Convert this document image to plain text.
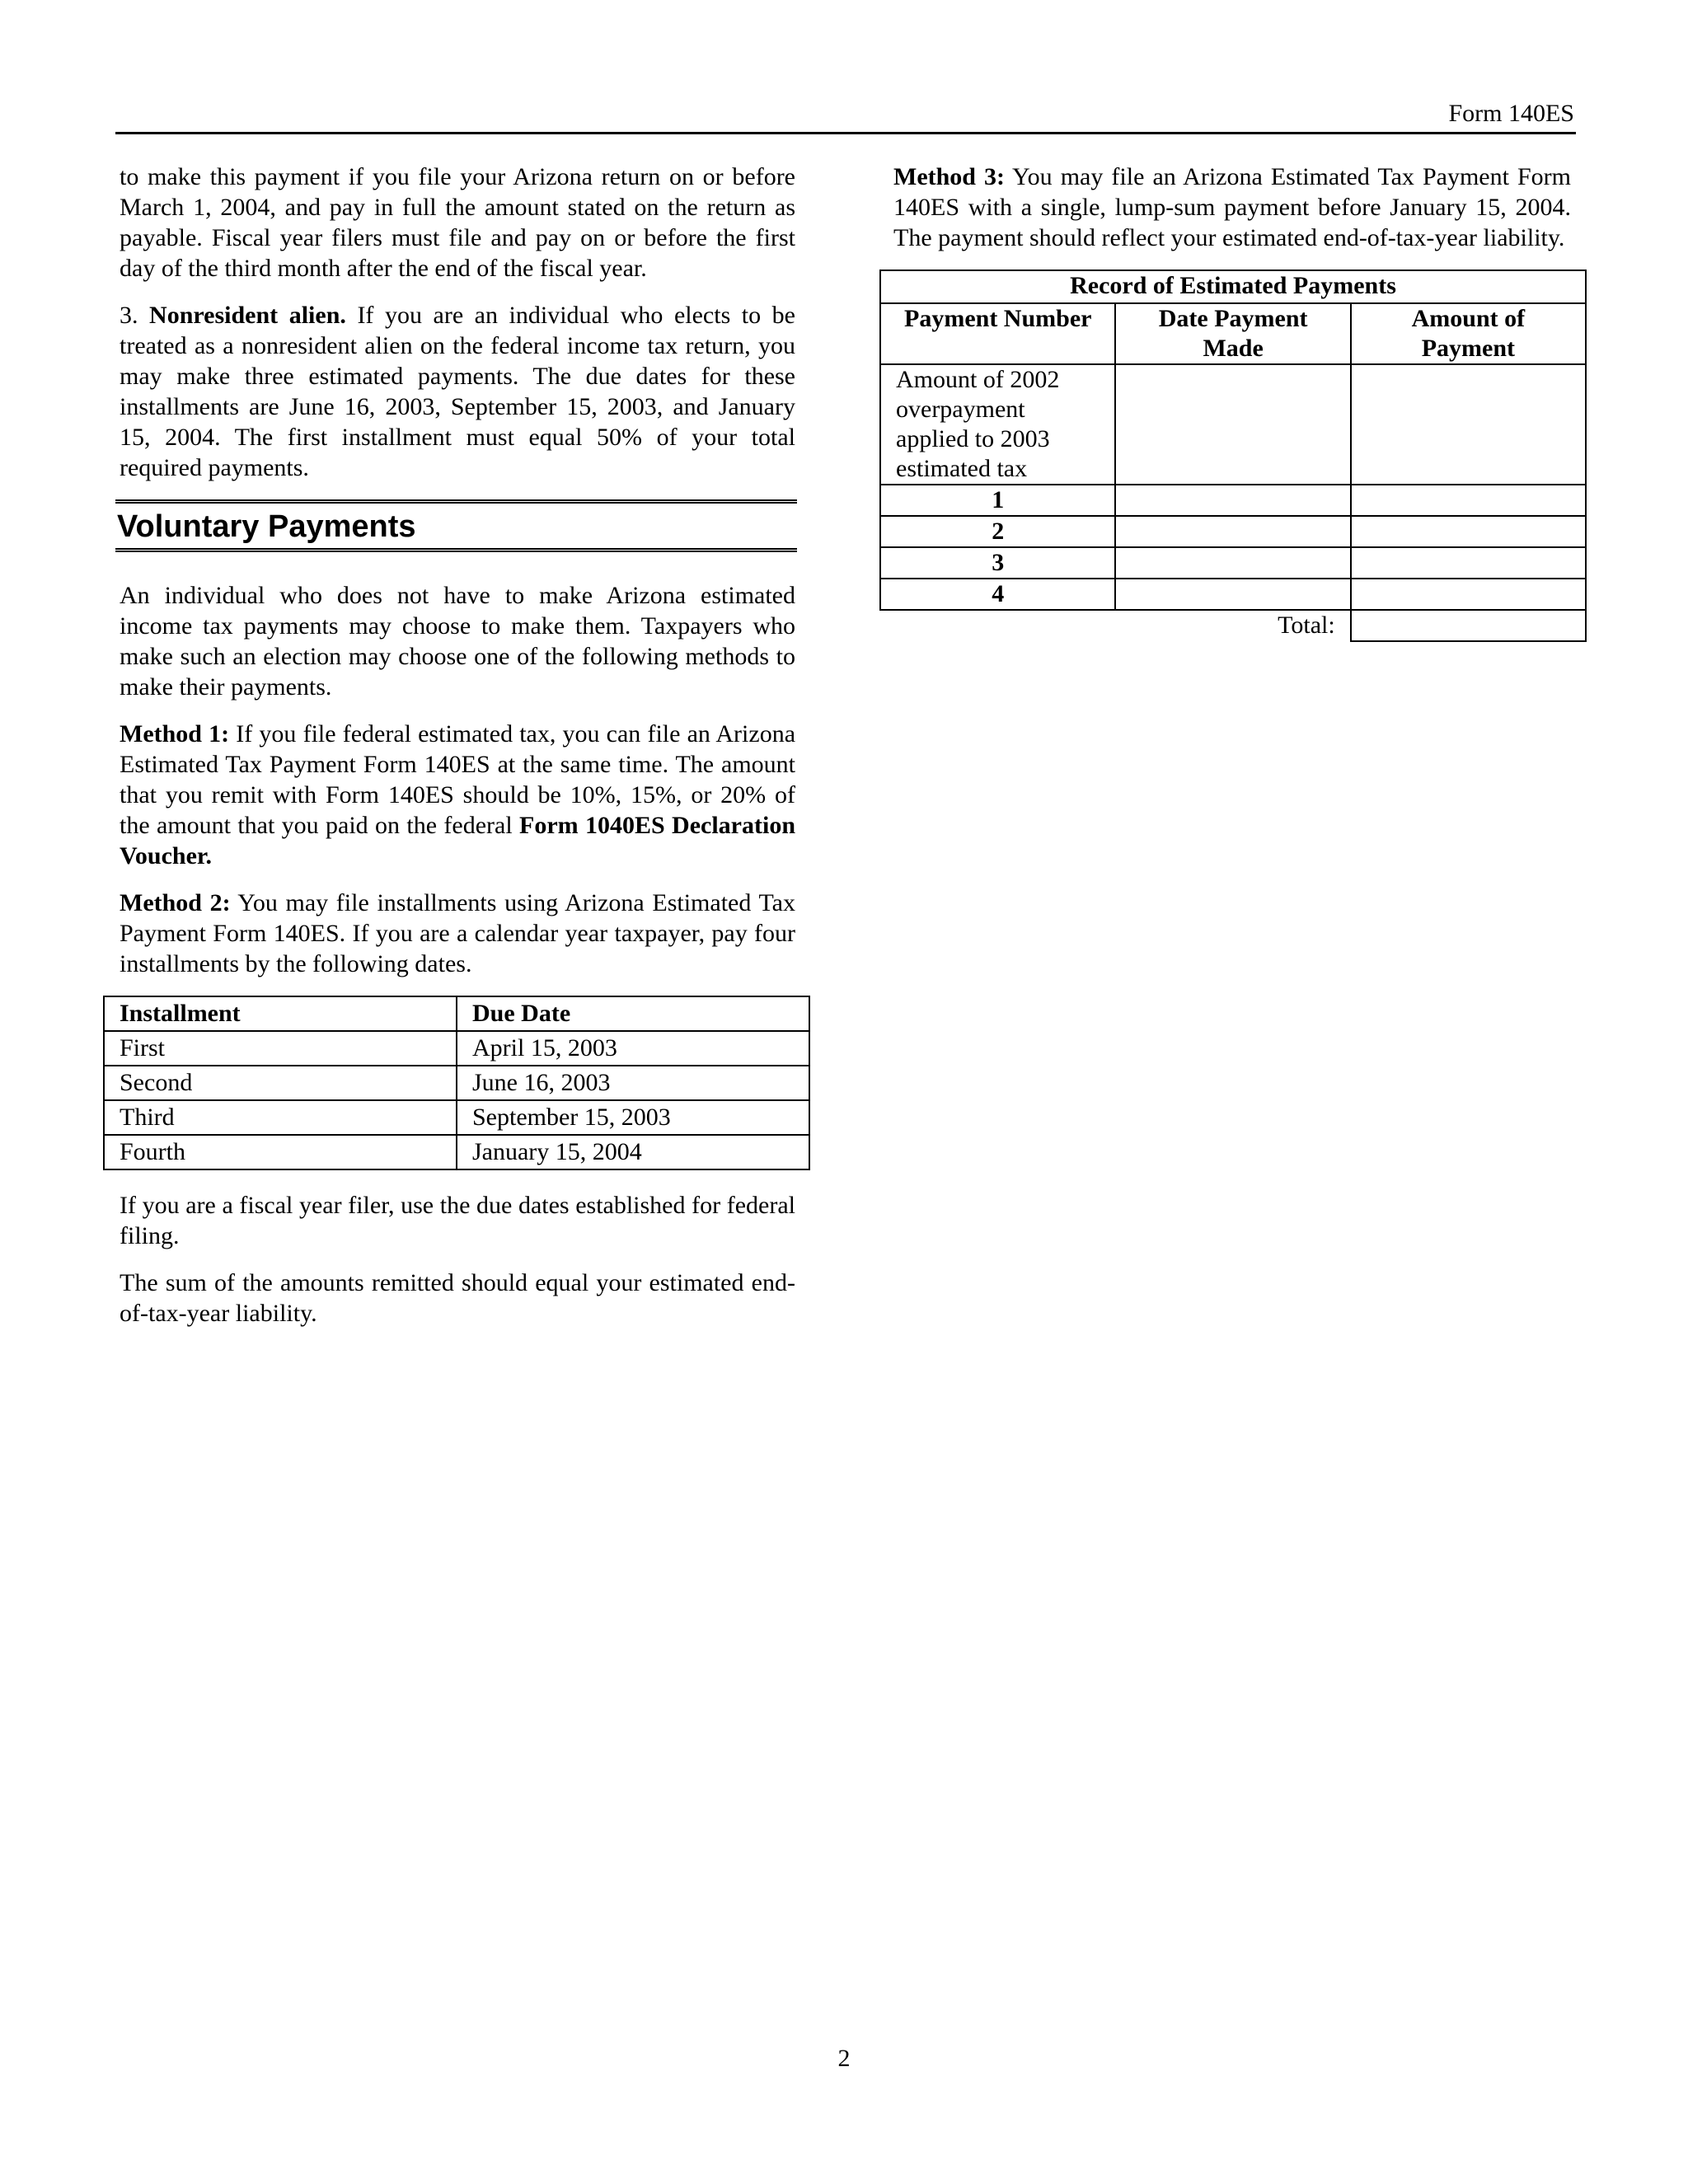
Form 140ES

to make this payment if you file your Arizona return on or before March 1, 2004, and pay in full the amount stated on the return as payable. Fiscal year filers must file and pay on or before the first day of the third month after the end of the fiscal year.

3. Nonresident alien. If you are an individual who elects to be treated as a nonresident alien on the federal income tax return, you may make three estimated payments. The due dates for these installments are June 16, 2003, September 15, 2003, and January 15, 2004. The first installment must equal 50% of your total required payments.

Voluntary Payments

An individual who does not have to make Arizona estimated income tax payments may choose to make them. Taxpayers who make such an election may choose one of the following methods to make their payments.

Method 1: If you file federal estimated tax, you can file an Arizona Estimated Tax Payment Form 140ES at the same time. The amount that you remit with Form 140ES should be 10%, 15%, or 20% of the amount that you paid on the federal Form 1040ES Declaration Voucher.

Method 2: You may file installments using Arizona Estimated Tax Payment Form 140ES. If you are a calendar year taxpayer, pay four installments by the following dates.

Installment	Due Date
First	April 15, 2003
Second	June 16, 2003
Third	September 15, 2003
Fourth	January 15, 2004

If you are a fiscal year filer, use the due dates established for federal filing.

The sum of the amounts remitted should equal your estimated end-of-tax-year liability.

Method 3: You may file an Arizona Estimated Tax Payment Form 140ES with a single, lump-sum payment before January 15, 2004. The payment should reflect your estimated end-of-tax-year liability.

Record of Estimated Payments		
Payment Number	Date Payment Made	Amount of Payment
Amount of 2002 overpayment applied to 2003 estimated tax		
1		
2		
3		
4		
Total:		
2
